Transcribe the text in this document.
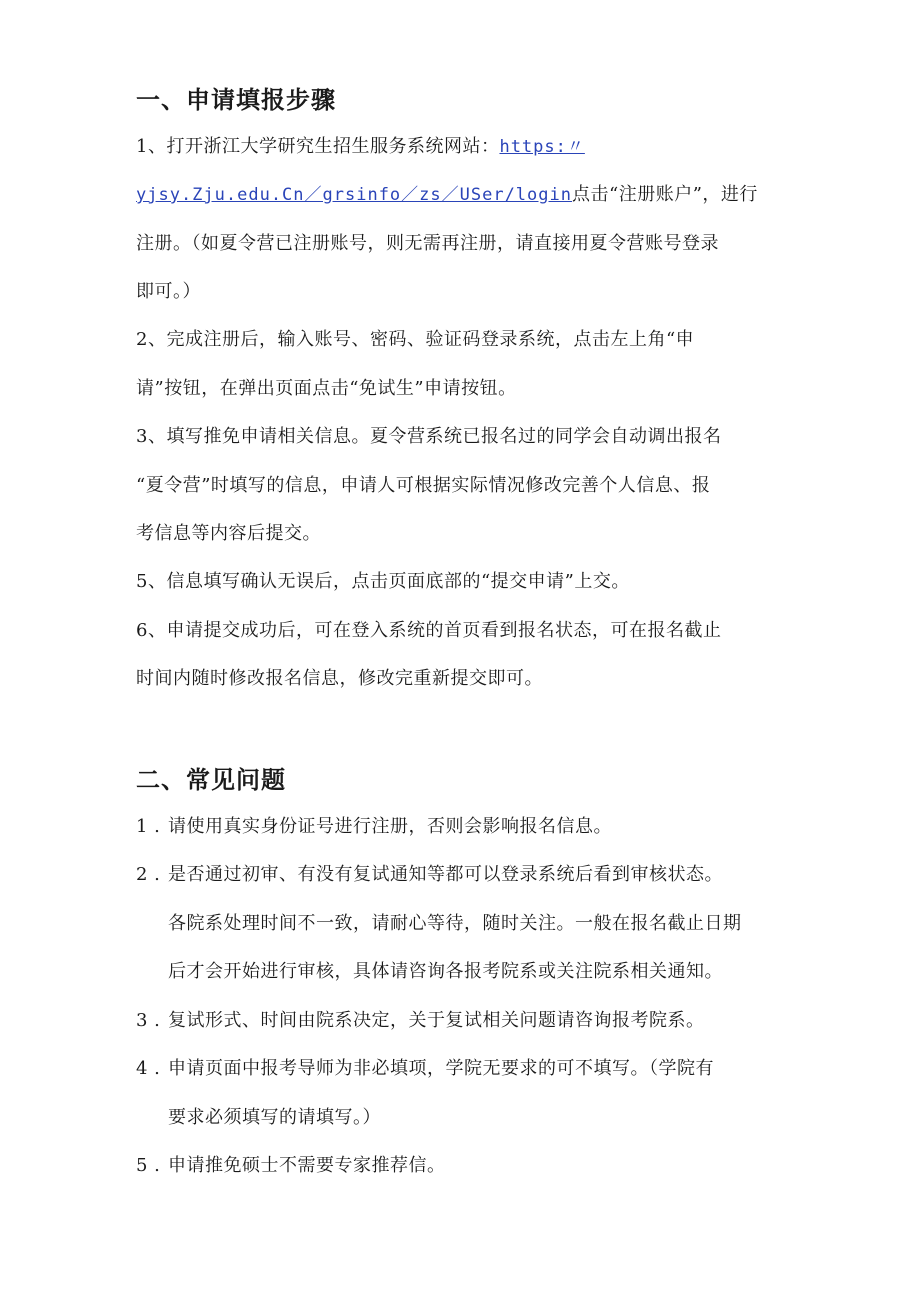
一、申请填报步骤
1、打开浙江大学研究生招生服务系统网站：https:〃
yjsy.Zju.edu.Cn／grsinfo／zs／USer/login点击“注册账户”，进行
注册。（如夏令营已注册账号，则无需再注册，请直接用夏令营账号登录
即可。）
2、完成注册后，输入账号、密码、验证码登录系统，点击左上角“申
请”按钮，在弹出页面点击“免试生”申请按钮。
3、填写推免申请相关信息。夏令营系统已报名过的同学会自动调出报名
“夏令营”时填写的信息，申请人可根据实际情况修改完善个人信息、报
考信息等内容后提交。
5、信息填写确认无误后，点击页面底部的“提交申请”上交。
6、申请提交成功后，可在登入系统的首页看到报名状态，可在报名截止
时间内随时修改报名信息，修改完重新提交即可。
二、常见问题
1 . 请使用真实身份证号进行注册，否则会影响报名信息。
2 . 是否通过初审、有没有复试通知等都可以登录系统后看到审核状态。
各院系处理时间不一致，请耐心等待，随时关注。一般在报名截止日期
后才会开始进行审核，具体请咨询各报考院系或关注院系相关通知。
3 . 复试形式、时间由院系决定，关于复试相关问题请咨询报考院系。
4 . 申请页面中报考导师为非必填项，学院无要求的可不填写。（学院有
要求必须填写的请填写。）
5 . 申请推免硕士不需要专家推荐信。
